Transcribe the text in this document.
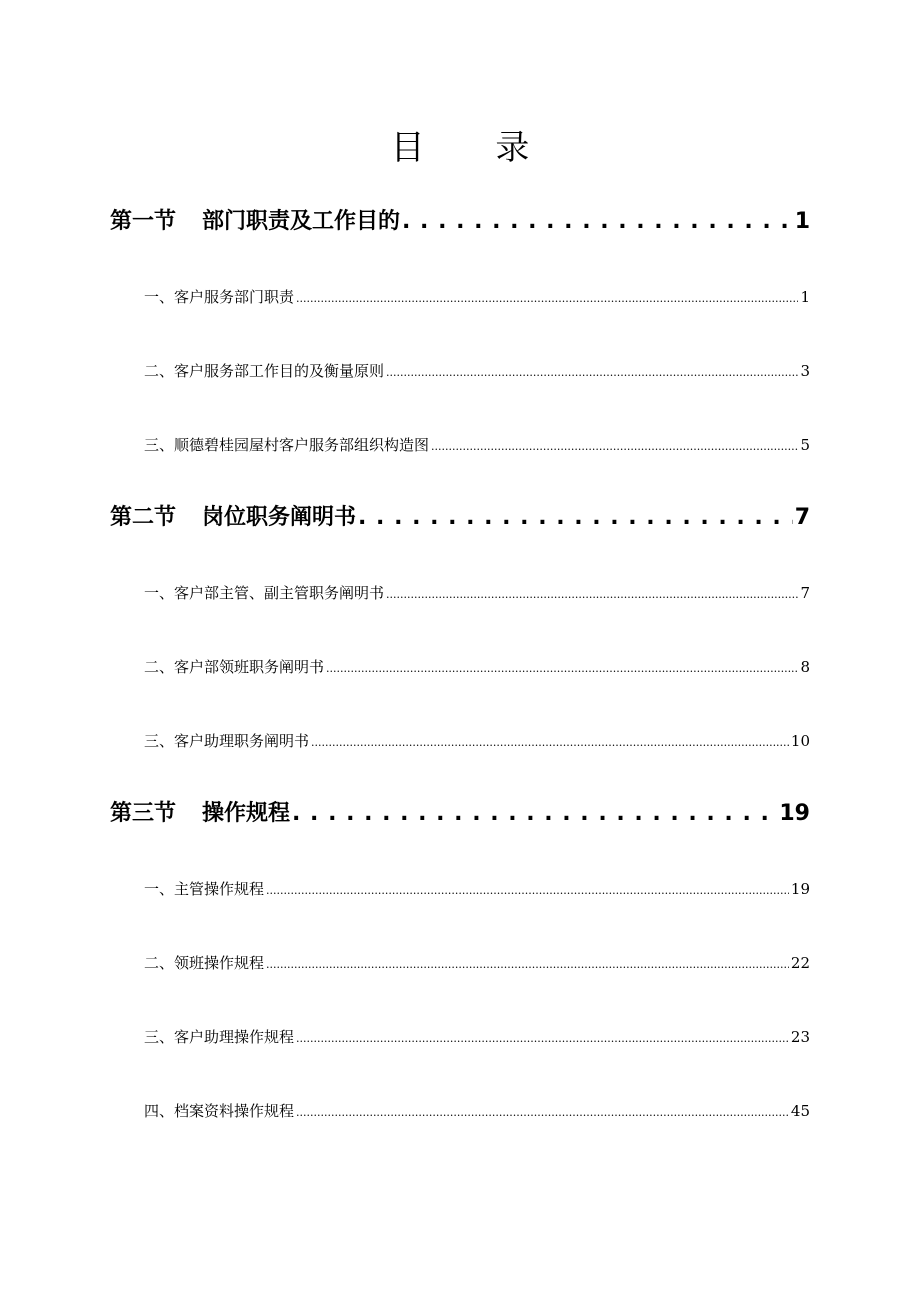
目 录
第一节 部门职责及工作目的 . . .	1
一、客户服务部门职责 .....	1
二、客户服务部工作目的及衡量原则 .....	3
三、顺德碧桂园屋村客户服务部组织构造图 .....	5
第二节 岗位职务阐明书 . . .	7
一、客户部主管、副主管职务阐明书 .....	7
二、客户部领班职务阐明书 .....	8
三、客户助理职务阐明书 .....	10
第三节 操作规程 . . .	19
一、主管操作规程 .....	19
二、领班操作规程 .....	22
三、客户助理操作规程 .....	23
四、档案资料操作规程 .....	45
